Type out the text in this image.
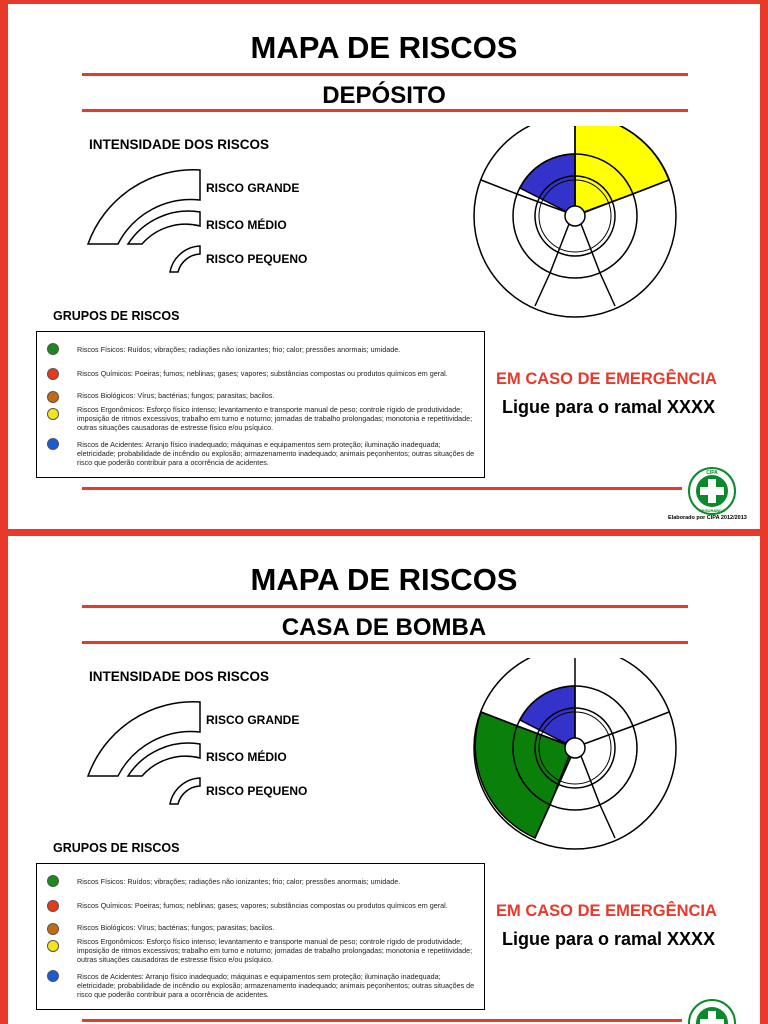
MAPA DE RISCOS
DEPÓSITO
INTENSIDADE DOS RISCOS
RISCO GRANDE
RISCO MÉDIO
RISCO PEQUENO
GRUPOS DE RISCOS
Riscos Físicos: Ruídos; vibrações; radiações não ionizantes; frio; calor; pressões anormais; umidade.
Riscos Químicos: Poeiras; fumos; neblinas; gases; vapores; substâncias compostas ou produtos químicos em geral.
Riscos Biológicos: Vírus; bactérias; fungos; parasitas; bacilos.
Riscos Ergonômicos: Esforço físico intenso; levantamento e transporte manual de peso; controle rígido de produtividade; imposição de ritmos excessivos; trabalho em turno e noturno; jornadas de trabalho prolongadas; monotonia e repetitividade; outras situações causadoras de estresse físico e/ou psíquico.
Riscos de Acidentes: Arranjo físico inadequado; máquinas e equipamentos sem proteção; iluminação inadequada; eletricidade; probabilidade de incêndio ou explosão; armazenamento inadequado; animais peçonhentos; outras situações de risco que poderão contribuir para a ocorrência de acidentes.
EM CASO DE EMERGÊNCIA
Ligue para o ramal XXXX
CIPA
SEGURANÇA
Elaborado por CIPA 2012/2013
MAPA DE RISCOS
CASA DE BOMBA
INTENSIDADE DOS RISCOS
RISCO GRANDE
RISCO MÉDIO
RISCO PEQUENO
GRUPOS DE RISCOS
Riscos Físicos: Ruídos; vibrações; radiações não ionizantes; frio; calor; pressões anormais; umidade.
Riscos Químicos: Poeiras; fumos; neblinas; gases; vapores; substâncias compostas ou produtos químicos em geral.
Riscos Biológicos: Vírus; bactérias; fungos; parasitas; bacilos.
Riscos Ergonômicos: Esforço físico intenso; levantamento e transporte manual de peso; controle rígido de produtividade; imposição de ritmos excessivos; trabalho em turno e noturno; jornadas de trabalho prolongadas; monotonia e repetitividade; outras situações causadoras de estresse físico e/ou psíquico.
Riscos de Acidentes: Arranjo físico inadequado; máquinas e equipamentos sem proteção; iluminação inadequada; eletricidade; probabilidade de incêndio ou explosão; armazenamento inadequado; animais peçonhentos; outras situações de risco que poderão contribuir para a ocorrência de acidentes.
EM CASO DE EMERGÊNCIA
Ligue para o ramal XXXX
